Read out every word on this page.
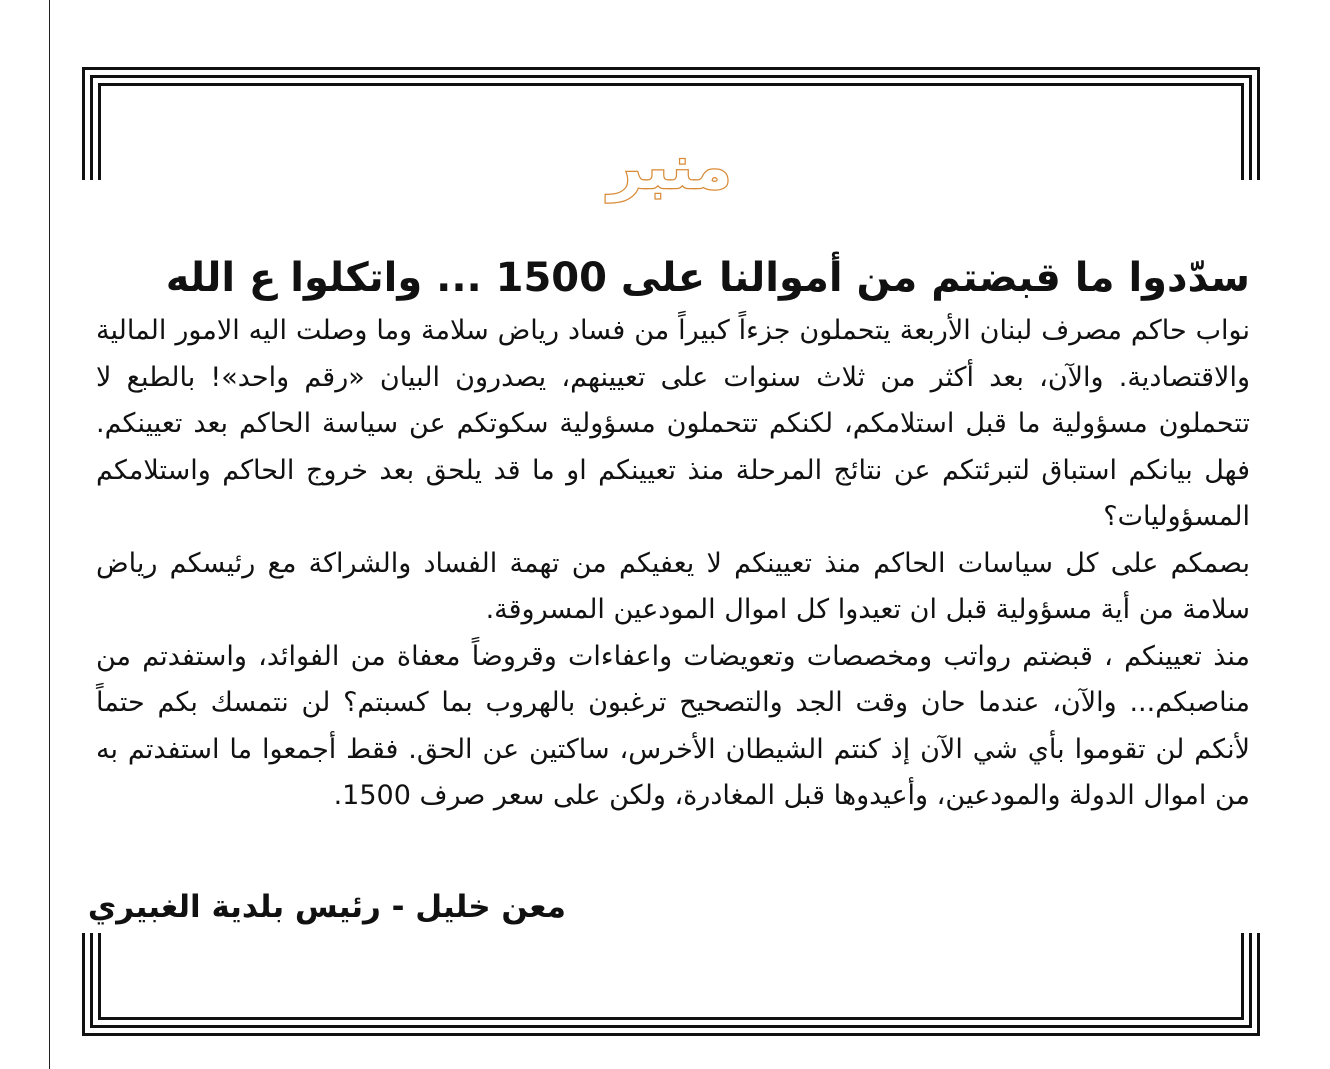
منبر
سدّدوا ما قبضتم من أموالنا على 1500 ... واتكلوا ع الله

نواب حاكم مصرف لبنان الأربعة يتحملون جزءاً كبيراً من فساد رياض سلامة وما وصلت اليه الامور المالية والاقتصادية. والآن، بعد أكثر من ثلاث سنوات على تعيينهم، يصدرون البيان «رقم واحد»! بالطبع لا تتحملون مسؤولية ما قبل استلامكم، لكنكم تتحملون مسؤولية سكوتكم عن سياسة الحاكم بعد تعيينكم. فهل بيانكم استباق لتبرئتكم عن نتائج المرحلة منذ تعيينكم او ما قد يلحق بعد خروج الحاكم واستلامكم المسؤوليات؟

بصمكم على كل سياسات الحاكم منذ تعيينكم لا يعفيكم من تهمة الفساد والشراكة مع رئيسكم رياض سلامة من أية مسؤولية قبل ان تعيدوا كل اموال المودعين المسروقة.

منذ تعيينكم ، قبضتم رواتب ومخصصات وتعويضات واعفاءات وقروضاً معفاة من الفوائد، واستفدتم من مناصبكم... والآن، عندما حان وقت الجد والتصحيح ترغبون بالهروب بما كسبتم؟ لن نتمسك بكم حتماً لأنكم لن تقوموا بأي شي الآن إذ كنتم الشيطان الأخرس، ساكتين عن الحق. فقط أجمعوا ما استفدتم به من اموال الدولة والمودعين، وأعيدوها قبل المغادرة، ولكن على سعر صرف 1500.

معن خليل - رئيس بلدية الغبيري
